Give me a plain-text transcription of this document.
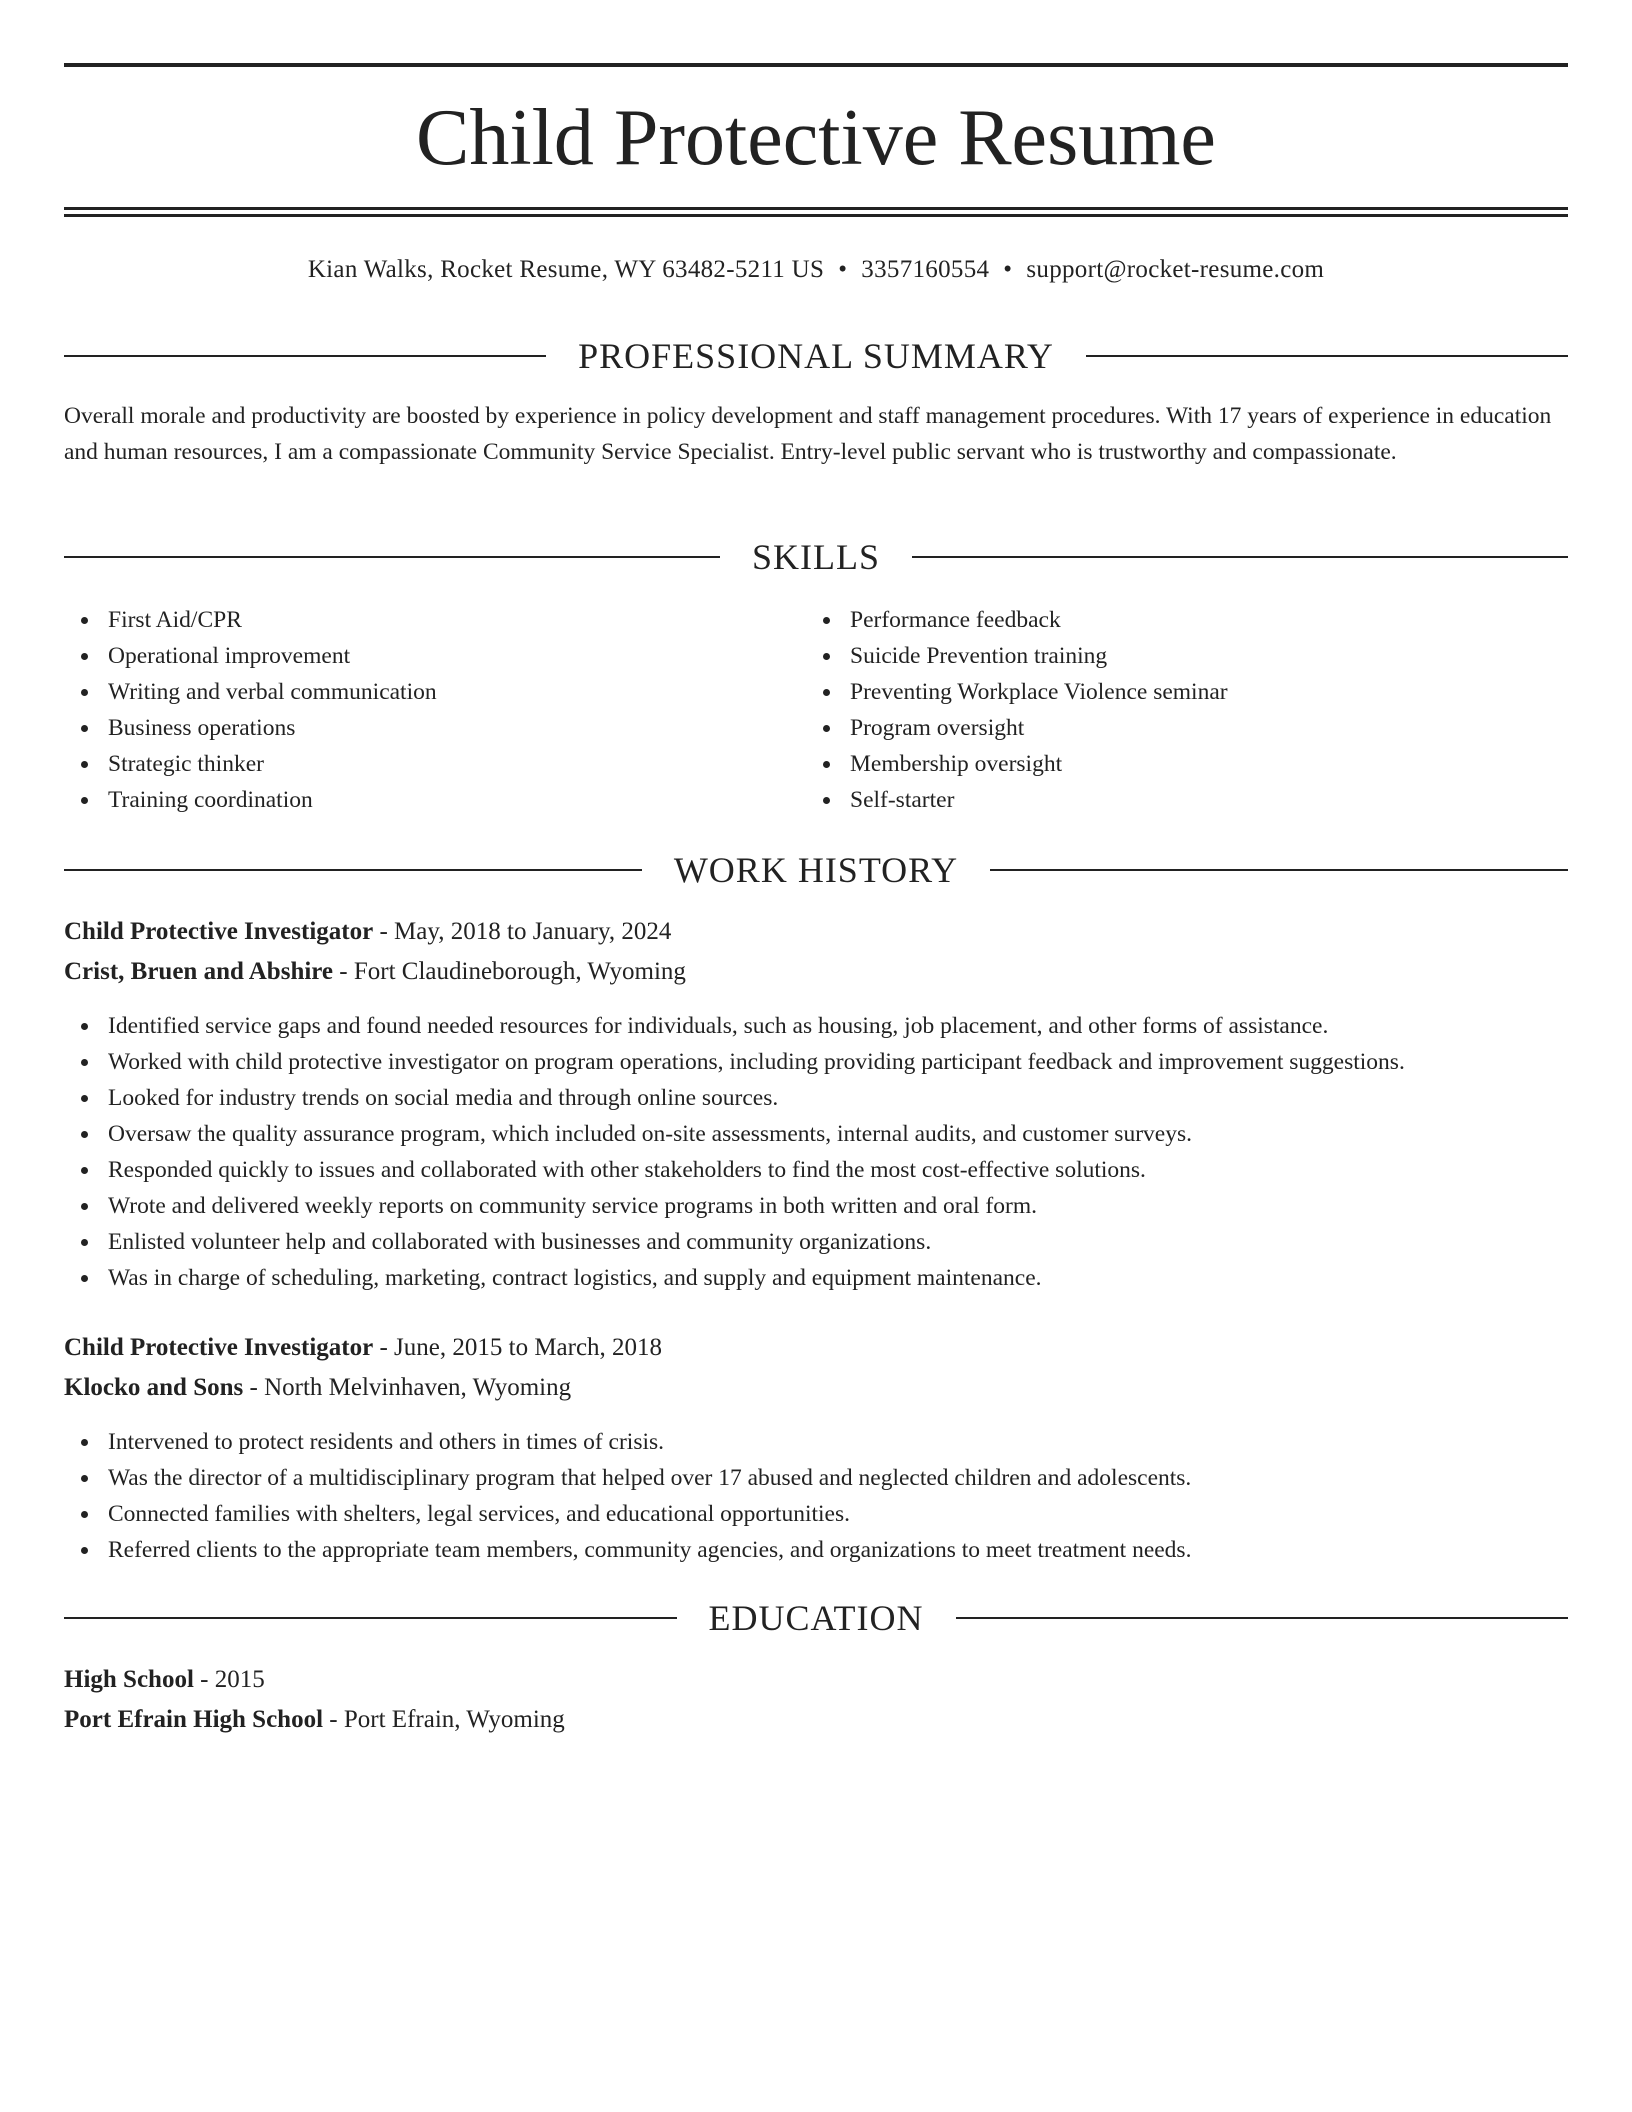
Child Protective Resume
Kian Walks, Rocket Resume, WY 63482-5211 US • 3357160554 • support@rocket-resume.com
PROFESSIONAL SUMMARY

Overall morale and productivity are boosted by experience in policy development and staff management procedures. With 17 years of experience in education and human resources, I am a compassionate Community Service Specialist. Entry-level public servant who is trustworthy and compassionate.

SKILLS
First Aid/CPR
Operational improvement
Writing and verbal communication
Business operations
Strategic thinker
Training coordination
Performance feedback
Suicide Prevention training
Preventing Workplace Violence seminar
Program oversight
Membership oversight
Self-starter
WORK HISTORY
Child Protective Investigator - May, 2018 to January, 2024
Crist, Bruen and Abshire - Fort Claudineborough, Wyoming
Identified service gaps and found needed resources for individuals, such as housing, job placement, and other forms of assistance.
Worked with child protective investigator on program operations, including providing participant feedback and improvement suggestions.
Looked for industry trends on social media and through online sources.
Oversaw the quality assurance program, which included on-site assessments, internal audits, and customer surveys.
Responded quickly to issues and collaborated with other stakeholders to find the most cost-effective solutions.
Wrote and delivered weekly reports on community service programs in both written and oral form.
Enlisted volunteer help and collaborated with businesses and community organizations.
Was in charge of scheduling, marketing, contract logistics, and supply and equipment maintenance.
Child Protective Investigator - June, 2015 to March, 2018
Klocko and Sons - North Melvinhaven, Wyoming
Intervened to protect residents and others in times of crisis.
Was the director of a multidisciplinary program that helped over 17 abused and neglected children and adolescents.
Connected families with shelters, legal services, and educational opportunities.
Referred clients to the appropriate team members, community agencies, and organizations to meet treatment needs.
EDUCATION
High School - 2015
Port Efrain High School - Port Efrain, Wyoming
